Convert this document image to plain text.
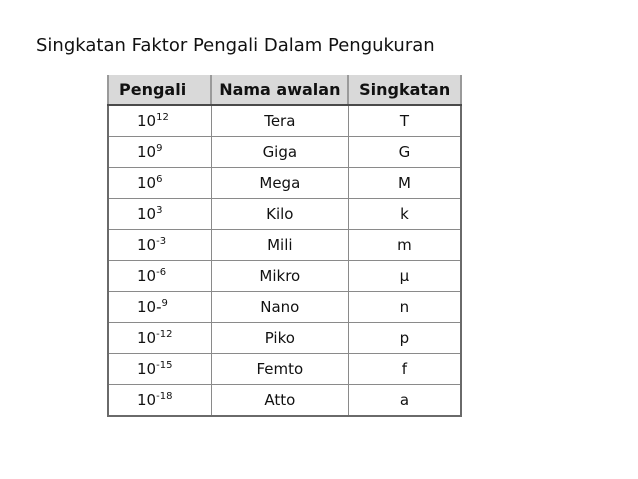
Singkatan Faktor Pengali Dalam Pengukuran
Pengali	Nama awalan	Singkatan
$10^{12}$	Tera	T
$10^9$	Giga	G
$10^6$	Mega	M
$10^3$	Kilo	k
$10^{-3}$	Mili	m
$10^{-6}$	Mikro	µ
10-$^9$	Nano	n
$10^{-12}$	Piko	p
$10^{-15}$	Femto	f
$10^{-18}$	Atto	a
